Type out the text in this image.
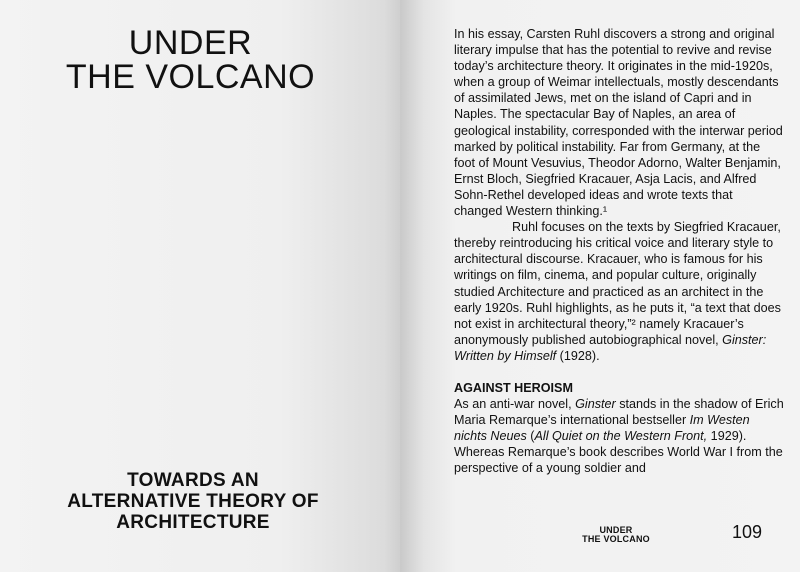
UNDER
THE VOLCANO
TOWARDS AN
ALTERNATIVE THEORY OF
ARCHITECTURE

In his essay, Carsten Ruhl discovers a strong and original literary impulse that has the potential to revive and revise today’s architecture theory. It originates in the mid-1920s, when a group of Weimar intellectuals, mostly descendants of assimilated Jews, met on the island of Capri and in Naples. The spectacular Bay of Naples, an area of geological instability, corresponded with the interwar period marked by political instability. Far from Germany, at the foot of Mount Vesuvius, Theodor Adorno, Walter Benjamin, Ernst Bloch, Siegfried Kracauer, Asja Lacis, and Alfred Sohn-Rethel developed ideas and wrote texts that changed Western thinking.¹

Ruhl focuses on the texts by Siegfried Kracauer, thereby reintroducing his critical voice and literary style to architectural discourse. Kracauer, who is famous for his writings on film, cinema, and popular culture, originally studied Architecture and practiced as an architect in the early 1920s. Ruhl highlights, as he puts it, “a text that does not exist in architectural theory,”² namely Kracauer’s anonymously published autobiographical novel, Ginster: Written by Himself (1928).

AGAINST HEROISM

As an anti-war novel, Ginster stands in the shadow of Erich Maria Remarque’s international bestseller Im Westen nichts Neues (All Quiet on the Western Front, 1929). Whereas Remarque’s book describes World War I from the perspective of a young soldier and

UNDER
THE VOLCANO	109
